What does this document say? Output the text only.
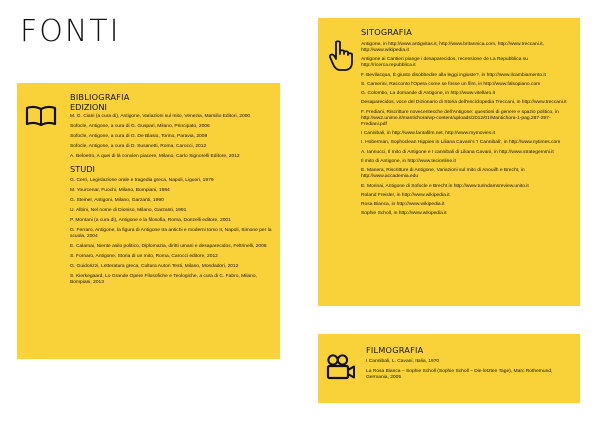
FONTI
BIBLIOGRAFIA
EDIZIONI
M. G. Ciani (a cura di), Antigone, Variazioni sul mito, Venezia, Marsilio Editori, 2000
Sofocle, Antigone, a cura di G. Guspari, Milano, Principato, 2006
Sofocle, Antigone, a cura di G. De Blasio, Torino, Paravia, 2009
Sofocle, Antigone, a cura di D. Susanetti, Roma, Carocci, 2012
A. Beloetro, A quei di là convien piacere, Milano, Carlo Signorelli Editore, 2012
STUDI
G. Cerri, Legislazione orale e tragedia greca, Napoli, Liguori, 1979
M. Yourcenar, Fuochi, Milano, Bompiani, 1984
G. Steiner, Antigoni, Milano, Garzanti, 1990
U. Albini, Nel nome di Dioniso, Milano, Garzanti, 1991
P. Montani (a cura di), Antigone e la filosofia, Roma, Donzelli editore, 2001
G. Ferraro, Antigone, la figura di Antigone tra antichi e moderni tomo II, Napoli, Simone per la scuola, 2004
E. Calamai, Niente asilo politico, Diplomazia, diritti umani e desaparecidos, Feltrinelli, 2006
S. Fornaro, Antigone, Storia di un mito, Roma, Carocci editore, 2012
G. Guidorizzi, Letteratura greca, Cultura Autori Testi, Milano, Mondadori, 2012
S. Kierkegaard, Lo Grande Opere Filosofiche e Teologiche, a cura di C. Fabro, Milano, Bompiani, 2013
SITOGRAFIA
Antigone, in http://www.antigvitas.it, http://www.britannica.com, http://www.treccani.it, http://www.wikipedia.it
Antigone ai Cantieri piange i desaparecidos, recensione de La Repubblica su http://ricerca.repubblica.it
F. Bevilacqua, È giusto disobbedire alla leggi ingiuste?, in http://www.ilcambiamento.it
S. Camerini, Racconto l'Opera come se fosse un film, in http://www.falsopiano.com
G. Colombo, La domande di Antigone, in http://www.vitellaro.it
Desaparecidos, voce del Dizionario di Storia dell'enciclopedia Treccani, in http://www.treccani.it
F. Frediani, Riscritture novecentesche dell'Antigone: questioni di genere e spazio politico, in http://ww2.unime.it/mantichora/wp-content/uploads/2012/01/Mantichora-1-pag.287-297-Frediani.pdf
I Cannibali, in http://www.fantafilm.net, http://www.mymovies.it
I. Hoberman, Sophoclean Hippies in Liliana Cavani's 'I Cannibali', in http://www.nytimes.com
A. Iannucci, Il mito di Antigone e I cannibali di Liliana Cavani, in http://www.strategemmi.it
Il mito di Antigone, in http://www.tecionline.it
E. Manera, Riscritture di Antigone, Variazioni sul mito di Anouilh e Brecht, in http://www.accademia.edu
E. Morinai, Antigone di Sofocle e Brecht in http://www.turindamsreview.unito.it
Roland Freisler, in http://www.wikipedia.it
Rosa Bianca, in http://www.wikipedia.it
Sophie Scholl, in http://www.wikipedia.it
FILMOGRAFIA
I Cannibali, L. Cavani, Italia, 1970
La Rosa Bianca – Sophie Scholl (Sophie Scholl – Die letzten Tage), Marc Rothemund, Germania, 2005
